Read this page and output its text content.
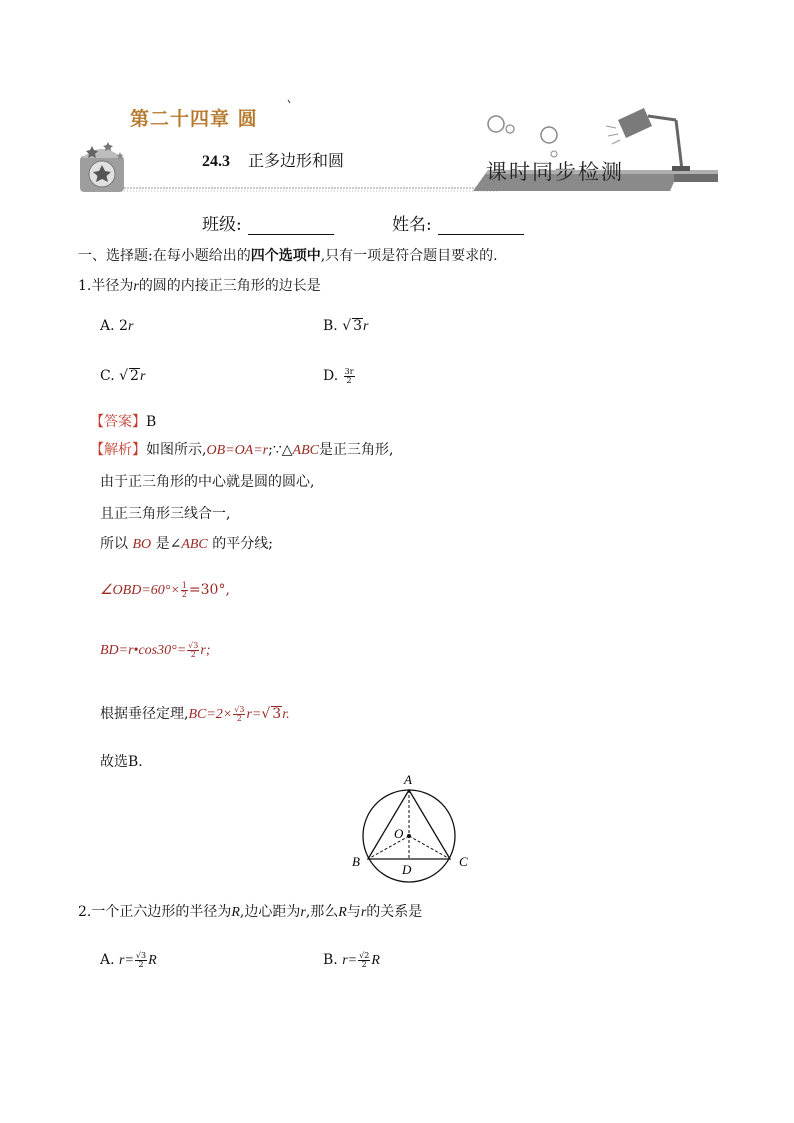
第二十四章 圆
24.3 正多边形和圆	课时同步检测
班级:	姓名:
一、选择题:在每小题给出的四个选项中,只有一项是符合题目要求的.
1.半径为r的圆的内接正三角形的边长是
A. 2r	B. √ 3r
C. √ 2r	D. $\frac{3r}{2}$
【答案】B
【解析】如图所示,OB=OA=r;∵△ABC是正三角形,
由于正三角形的中心就是圆的圆心,
且正三角形三线合一,
所以 BO 是∠ABC 的平分线;
∠OBD=60°× $\frac{1}{2} =30^\circ$,
BD=r•cos30°= $\frac{√3}{2} r$;
根据垂径定理$,BC=2\times \frac{√3}{2} r=√$ 3r.
故选B.
A
B	C
D
O
2.一个正六边形的半径为R,边心距为r,那么R与r的关系是
A. $r= \frac{√3}{2}$ R	B. $r= \frac{√2}{2}$ R
